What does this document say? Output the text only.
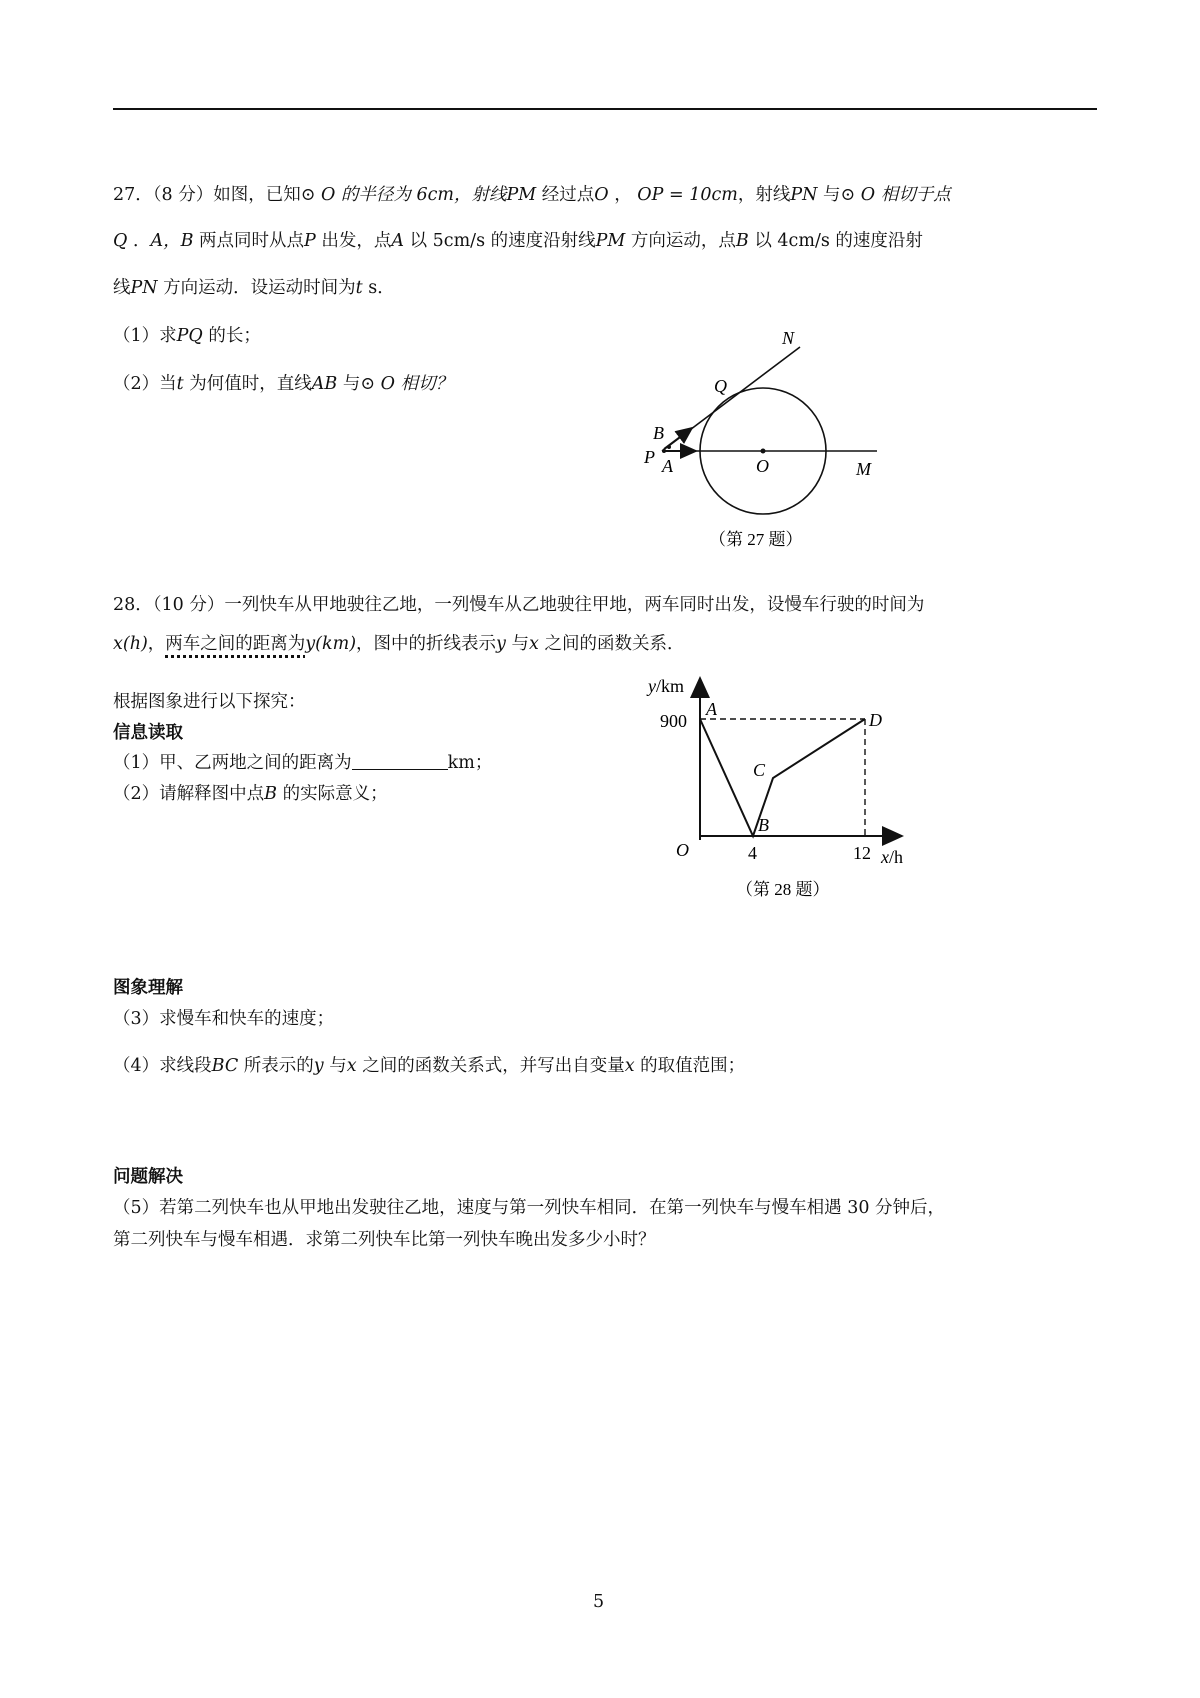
27．（8 分）如图，已知⊙ O 的半径为 6cm，射线PM 经过点O ， OP = 10cm，射线PN 与⊙ O 相切于点
Q ．A，B 两点同时从点P 出发，点A 以 5cm/s 的速度沿射线PM 方向运动，点B 以 4cm/s 的速度沿射
线PN 方向运动．设运动时间为t s．
（1）求PQ 的长；
（2）当t 为何值时，直线AB 与⊙ O 相切？
N
Q
B
P A	O	M
（第 27 题）
28．（10 分）一列快车从甲地驶往乙地，一列慢车从乙地驶往甲地，两车同时出发，设慢车行驶的时间为
x(h)，两车之间的距离为y(km)，图中的折线表示y 与x 之间的函数关系．
根据图象进行以下探究：
信息读取
（1）甲、乙两地之间的距离为	km；
（2）请解释图中点B 的实际意义；
y/km
900
A
D
C
B
O	4	12 x/h
（第 28 题）
图象理解
（3）求慢车和快车的速度；
（4）求线段BC 所表示的y 与x 之间的函数关系式，并写出自变量x 的取值范围；
问题解决
（5）若第二列快车也从甲地出发驶往乙地，速度与第一列快车相同．在第一列快车与慢车相遇 30 分钟后，
第二列快车与慢车相遇．求第二列快车比第一列快车晚出发多少小时？
5
